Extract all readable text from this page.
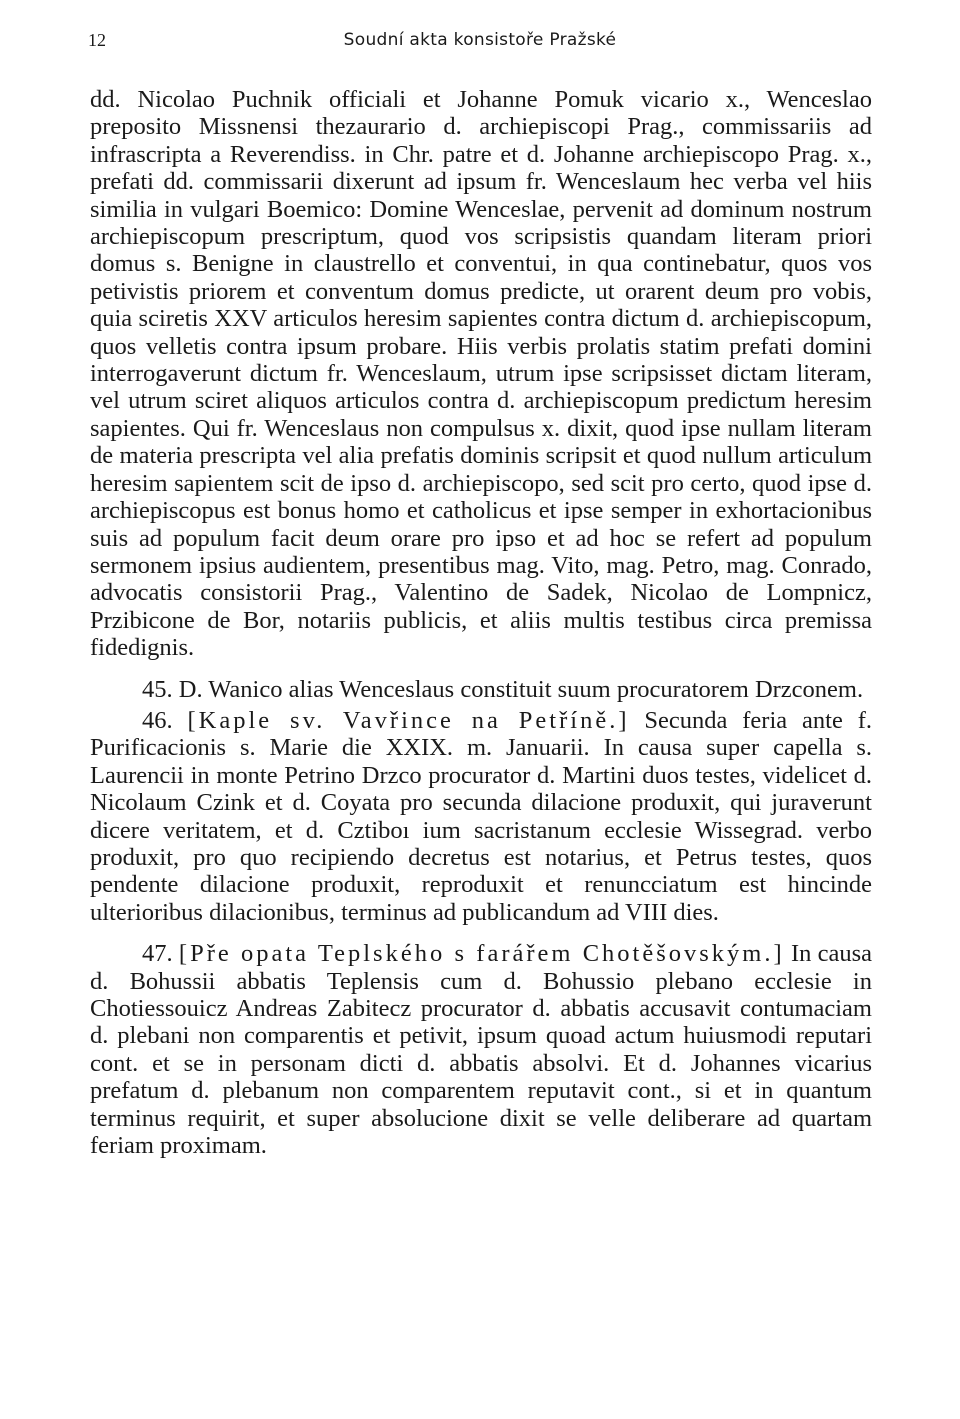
12	Soudní akta konsistoře Pražské

dd. Nicolao Puchnik officiali et Johanne Pomuk vicario x., Wenceslao preposito Missnensi thezaurario d. archiepiscopi Prag., commissariis ad infrascripta a Reverendiss. in Chr. patre et d. Johanne archiepiscopo Prag. x., prefati dd. commissarii dixerunt ad ipsum fr. Wenceslaum hec verba vel hiis similia in vulgari Boemico: Domine Wenceslae, pervenit ad dominum nostrum archiepiscopum prescriptum, quod vos scripsistis quandam literam priori domus s. Benigne in claustrello et conventui, in qua continebatur, quos vos petivistis priorem et conventum domus predicte, ut orarent deum pro vobis, quia sciretis XXV articulos heresim sapientes contra dictum d. archiepiscopum, quos velletis contra ipsum probare. Hiis verbis prolatis statim prefati domini interrogaverunt dictum fr. Wenceslaum, utrum ipse scripsisset dictam literam, vel utrum sciret aliquos articulos contra d. archiepiscopum predictum heresim sapientes. Qui fr. Wenceslaus non compulsus x. dixit, quod ipse nullam literam de materia prescripta vel alia prefatis dominis scripsit et quod nullum articulum heresim sapientem scit de ipso d. archiepiscopo, sed scit pro certo, quod ipse d. archiepiscopus est bonus homo et catholicus et ipse semper in exhortacionibus suis ad populum facit deum orare pro ipso et ad hoc se refert ad populum sermonem ipsius audientem, presentibus mag. Vito, mag. Petro, mag. Conrado, advocatis consistorii Prag., Valentino de Sadek, Nicolao de Lompnicz, Przibicone de Bor, notariis publicis, et aliis multis testibus circa premissa fidedignis.

45. D. Wanico alias Wenceslaus constituit suum procuratorem Drzconem.

46. [Kaple sv. Vavřince na Petříně.] Secunda feria ante f. Purificacionis s. Marie die XXIX. m. Januarii. In causa super capella s. Laurencii in monte Petrino Drzco procurator d. Martini duos testes, videlicet d. Nicolaum Czink et d. Coyata pro secunda dilacione produxit, qui juraverunt dicere veritatem, et d. Cztiboı ium sacristanum ecclesie Wissegrad. verbo produxit, pro quo recipiendo decretus est notarius, et Petrus testes, quos pendente dilacione produxit, reproduxit et renuncciatum est hincinde ulterioribus dilacionibus, terminus ad publicandum ad VIII dies.

47. [Pře opata Teplského s farářem Chotěšovským.] In causa d. Bohussii abbatis Teplensis cum d. Bohussio plebano ecclesie in Chotiessouicz Andreas Zabitecz procurator d. abbatis accusavit contumaciam d. plebani non comparentis et petivit, ipsum quoad actum huiusmodi reputari cont. et se in personam dicti d. abbatis absolvi. Et d. Johannes vicarius prefatum d. plebanum non comparentem reputavit cont., si et in quantum terminus requirit, et super absolucione dixit se velle deliberare ad quartam feriam proximam.
